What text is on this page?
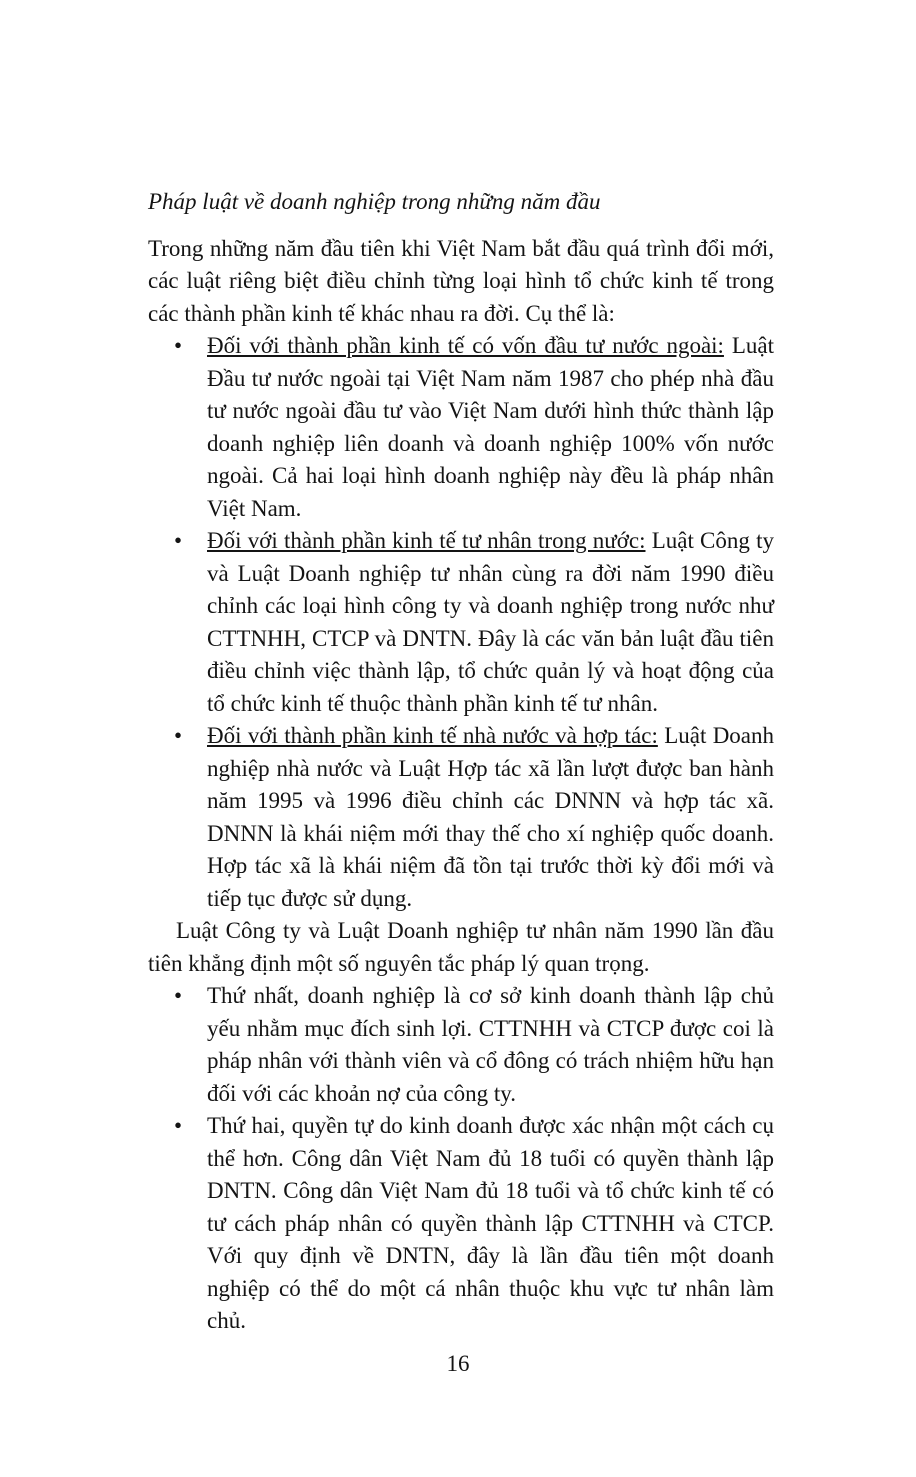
Pháp luật về doanh nghiệp trong những năm đầu

Trong những năm đầu tiên khi Việt Nam bắt đầu quá trình đổi mới, các luật riêng biệt điều chỉnh từng loại hình tổ chức kinh tế trong các thành phần kinh tế khác nhau ra đời. Cụ thể là:

• Đối với thành phần kinh tế có vốn đầu tư nước ngoài: Luật Đầu tư nước ngoài tại Việt Nam năm 1987 cho phép nhà đầu tư nước ngoài đầu tư vào Việt Nam dưới hình thức thành lập doanh nghiệp liên doanh và doanh nghiệp 100% vốn nước ngoài. Cả hai loại hình doanh nghiệp này đều là pháp nhân Việt Nam.
• Đối với thành phần kinh tế tư nhân trong nước: Luật Công ty và Luật Doanh nghiệp tư nhân cùng ra đời năm 1990 điều chỉnh các loại hình công ty và doanh nghiệp trong nước như CTTNHH, CTCP và DNTN. Đây là các văn bản luật đầu tiên điều chỉnh việc thành lập, tổ chức quản lý và hoạt động của tổ chức kinh tế thuộc thành phần kinh tế tư nhân.
• Đối với thành phần kinh tế nhà nước và hợp tác: Luật Doanh nghiệp nhà nước và Luật Hợp tác xã lần lượt được ban hành năm 1995 và 1996 điều chỉnh các DNNN và hợp tác xã. DNNN là khái niệm mới thay thế cho xí nghiệp quốc doanh. Hợp tác xã là khái niệm đã tồn tại trước thời kỳ đổi mới và tiếp tục được sử dụng.

Luật Công ty và Luật Doanh nghiệp tư nhân năm 1990 lần đầu tiên khẳng định một số nguyên tắc pháp lý quan trọng.

• Thứ nhất, doanh nghiệp là cơ sở kinh doanh thành lập chủ yếu nhằm mục đích sinh lợi. CTTNHH và CTCP được coi là pháp nhân với thành viên và cổ đông có trách nhiệm hữu hạn đối với các khoản nợ của công ty.
• Thứ hai, quyền tự do kinh doanh được xác nhận một cách cụ thể hơn. Công dân Việt Nam đủ 18 tuổi có quyền thành lập DNTN. Công dân Việt Nam đủ 18 tuổi và tổ chức kinh tế có tư cách pháp nhân có quyền thành lập CTTNHH và CTCP. Với quy định về DNTN, đây là lần đầu tiên một doanh nghiệp có thể do một cá nhân thuộc khu vực tư nhân làm chủ.
16
